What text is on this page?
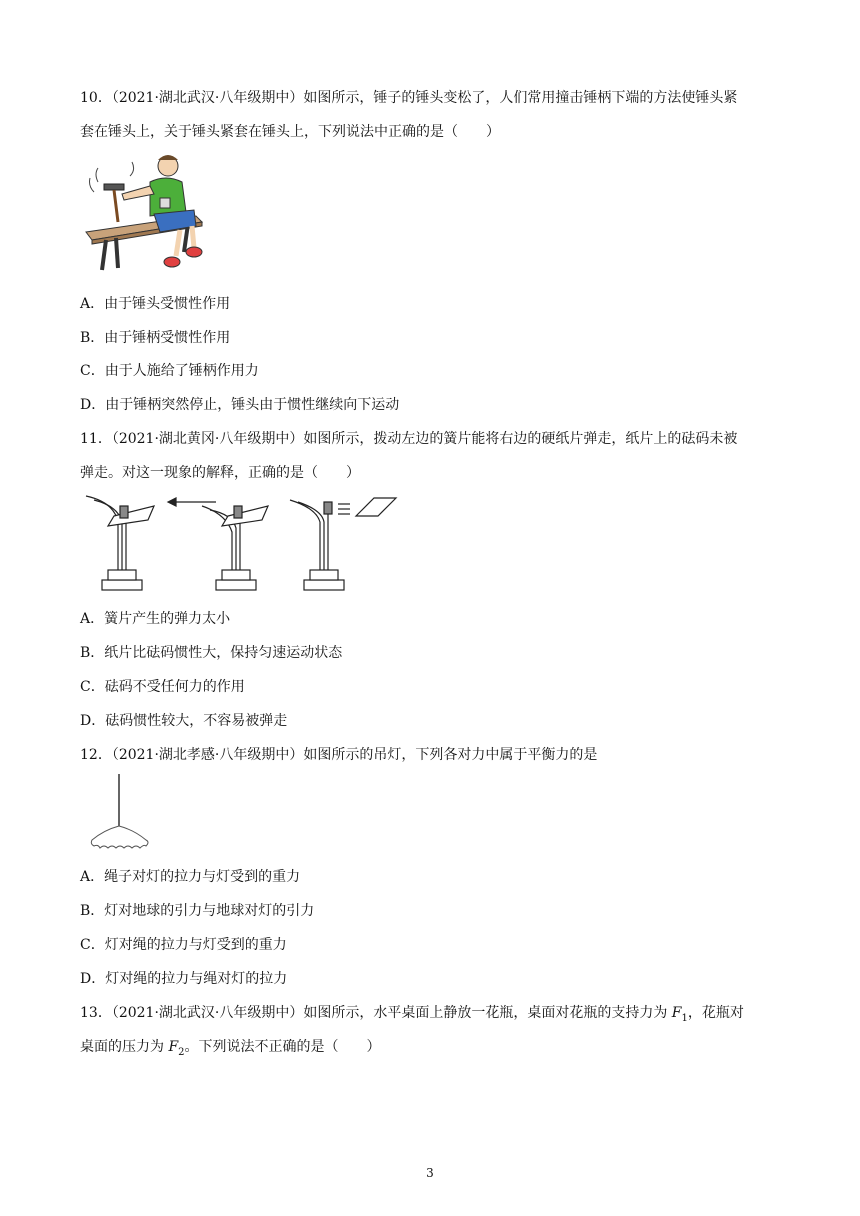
10．（2021·湖北武汉·八年级期中）如图所示，锤子的锤头变松了，人们常用撞击锤柄下端的方法使锤头紧
套在锤头上，关于锤头紧套在锤头上，下列说法中正确的是（　　）
A．由于锤头受惯性作用
B．由于锤柄受惯性作用
C．由于人施给了锤柄作用力
D．由于锤柄突然停止，锤头由于惯性继续向下运动
11．（2021·湖北黄冈·八年级期中）如图所示，拨动左边的簧片能将右边的硬纸片弹走，纸片上的砝码未被
弹走。对这一现象的解释，正确的是（　　）
A．簧片产生的弹力太小
B．纸片比砝码惯性大，保持匀速运动状态
C．砝码不受任何力的作用
D．砝码惯性较大，不容易被弹走
12．（2021·湖北孝感·八年级期中）如图所示的吊灯，下列各对力中属于平衡力的是
A．绳子对灯的拉力与灯受到的重力
B．灯对地球的引力与地球对灯的引力
C．灯对绳的拉力与灯受到的重力
D．灯对绳的拉力与绳对灯的拉力
13．（2021·湖北武汉·八年级期中）如图所示，水平桌面上静放一花瓶，桌面对花瓶的支持力为 $F_1$，花瓶对
桌面的压力为 $F_2$。下列说法不正确的是（　　）
3
